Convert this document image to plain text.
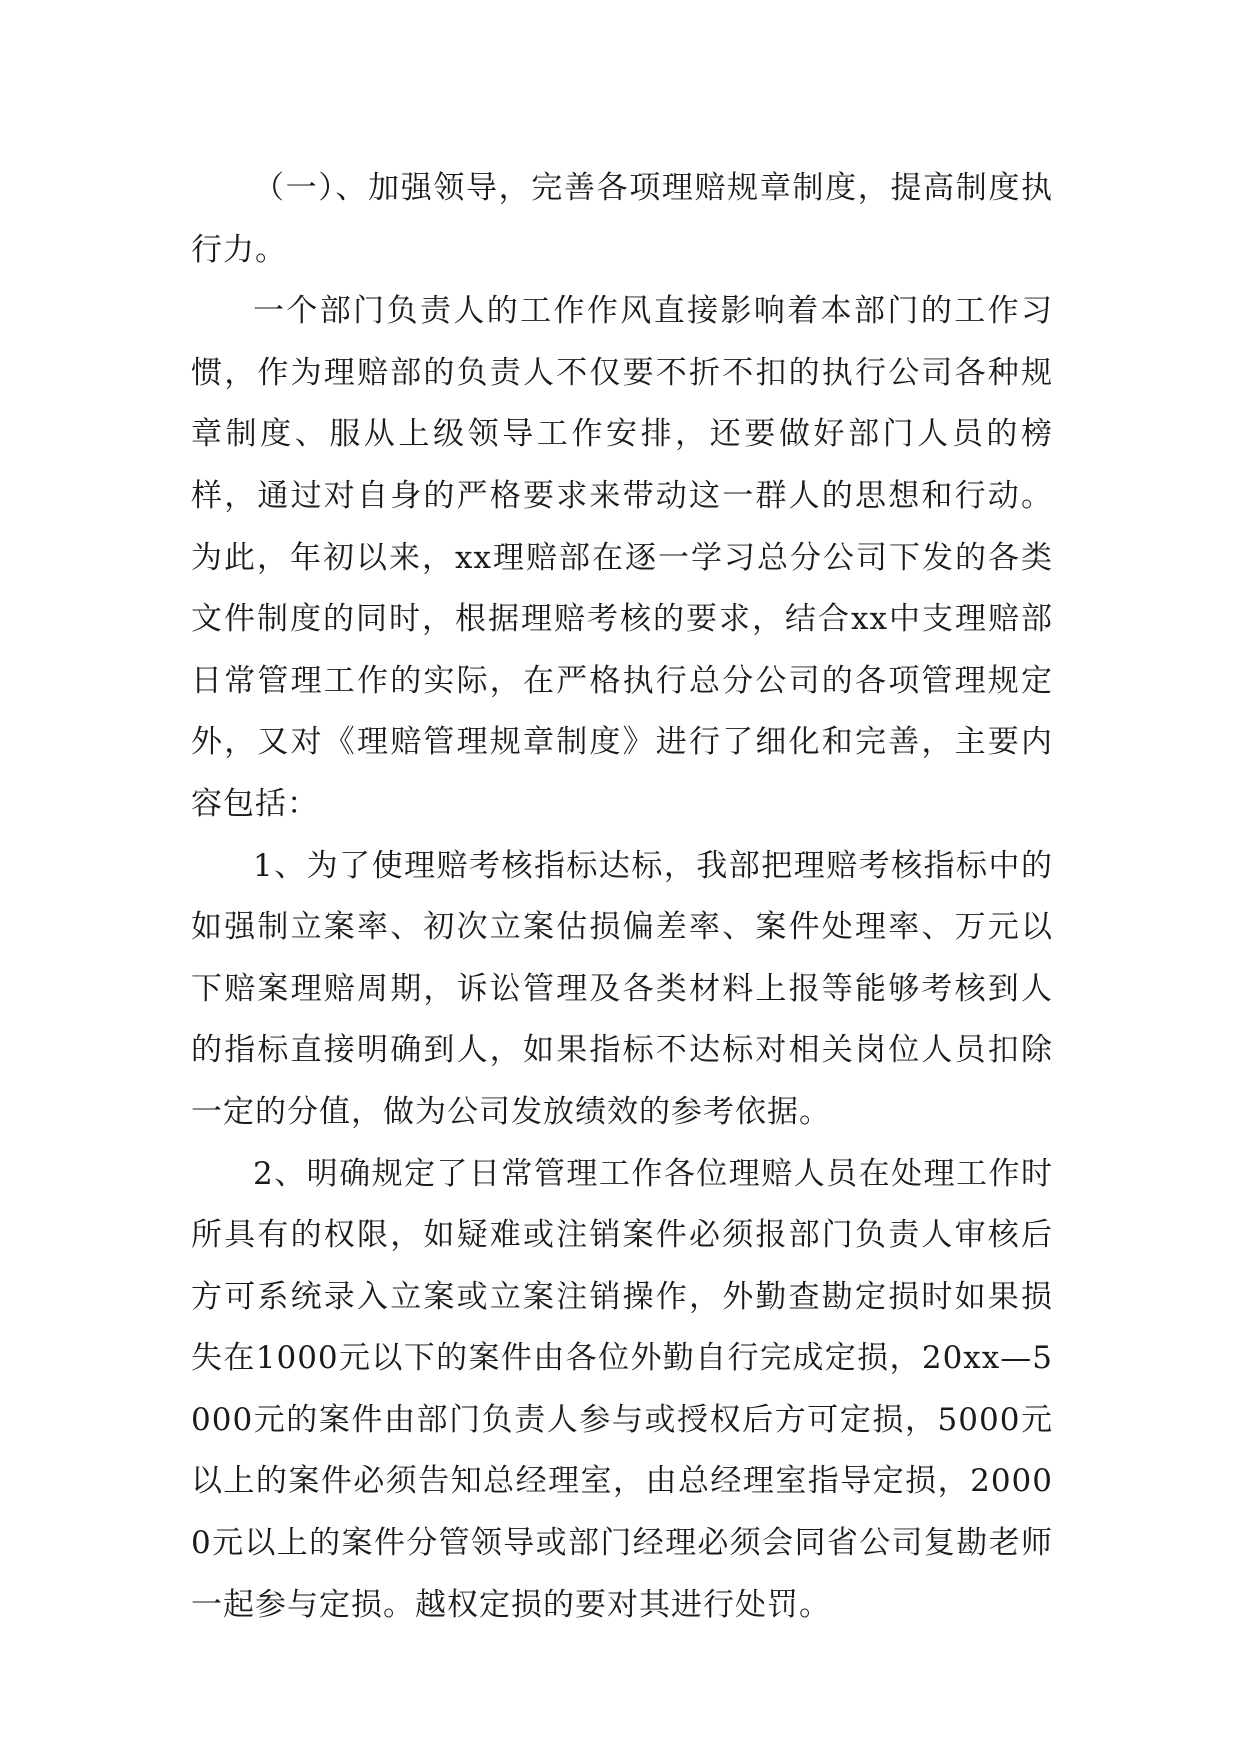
（一）、加强领导，完善各项理赔规章制度，提高制度执行力。

一个部门负责人的工作作风直接影响着本部门的工作习惯，作为理赔部的负责人不仅要不折不扣的执行公司各种规章制度、服从上级领导工作安排，还要做好部门人员的榜样，通过对自身的严格要求来带动这一群人的思想和行动。为此，年初以来，xx理赔部在逐一学习总分公司下发的各类文件制度的同时，根据理赔考核的要求，结合xx中支理赔部日常管理工作的实际，在严格执行总分公司的各项管理规定外，又对《理赔管理规章制度》进行了细化和完善，主要内容包括：

1、为了使理赔考核指标达标，我部把理赔考核指标中的如强制立案率、初次立案估损偏差率、案件处理率、万元以下赔案理赔周期，诉讼管理及各类材料上报等能够考核到人的指标直接明确到人，如果指标不达标对相关岗位人员扣除一定的分值，做为公司发放绩效的参考依据。

2、明确规定了日常管理工作各位理赔人员在处理工作时所具有的权限，如疑难或注销案件必须报部门负责人审核后方可系统录入立案或立案注销操作，外勤查勘定损时如果损失在1000元以下的案件由各位外勤自行完成定损，20xx—5000元的案件由部门负责人参与或授权后方可定损，5000元以上的案件必须告知总经理室，由总经理室指导定损，20000元以上的案件分管领导或部门经理必须会同省公司复勘老师一起参与定损。越权定损的要对其进行处罚。
